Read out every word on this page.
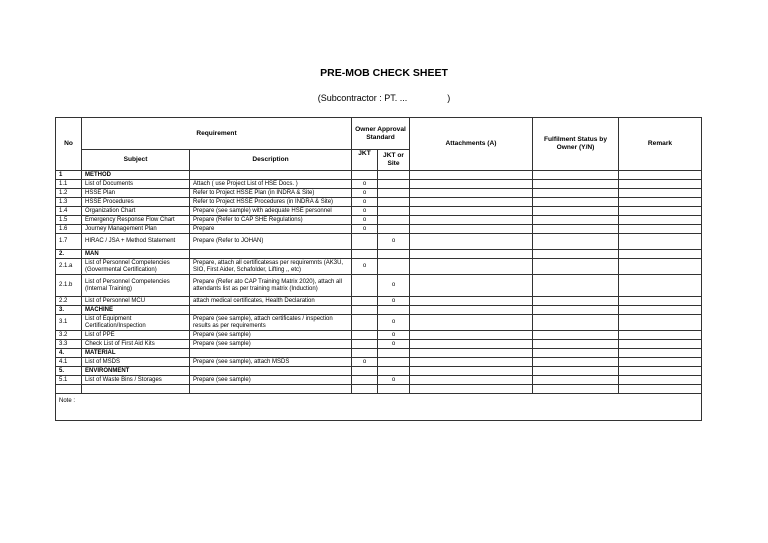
PRE-MOB CHECK SHEET
(Subcontractor : PT. ...	)
No	Requirement		Owner Approval Standard		Attachments (A)	Fulfilment Status by Owner (Y/N)	Remark
	Subject	Description	JKT	JKT or Site			
1	METHOD						
1.1	List of Documents	Attach ( use Project List of HSE Docs. )	o				
1.2	HSSE Plan	Refer to Project HSSE Plan (in INDRA & Site)	o				
1.3	HSSE Procedures	Refer to Project HSSE Procedures (in INDRA & Site)	o				
1.4	Organization Chart	Prepare (see sample) with adequate HSE personnel	o				
1.5	Emergency Response Flow Chart	Prepare (Refer to CAP SHE Regulations)	o				
1.6	Journey Management Plan	Prepare	o				
1.7	HIRAC / JSA + Method Statement	Prepare (Refer to JOHAN)		o			
2.	MAN						
2.1.a	List of Personnel Competencies (Govermental Certification)	Prepare, attach all certificatesas per requiremnts (AK3U, SIO, First Aider, Schafolder, Lifting ,, etc)	o				
2.1.b	List of Personnel Competencies (Internal Training)	Prepare (Refer ato CAP Training Matrix 2020), attach all attendants list as per training matrix (Induction)		o			
2.2	List of Personnel MCU	attach medical certificates, Health Declaration		o			
3.	MACHINE						
3.1	List of Equipment Certification/Inspection	Prepare (see sample), attach certificates / inspection results as per requirements		o			
3.2	List of PPE	Prepare (see sample)		o			
3.3	Check List of First Aid Kits	Prepare (see sample)		o			
4.	MATERIAL						
4.1	List of MSDS	Prepare (see sample), attach MSDS	o				
5.	ENVIRONMENT						
5.1	List of Waste Bins / Storages	Prepare (see sample)		o			

Note :							
